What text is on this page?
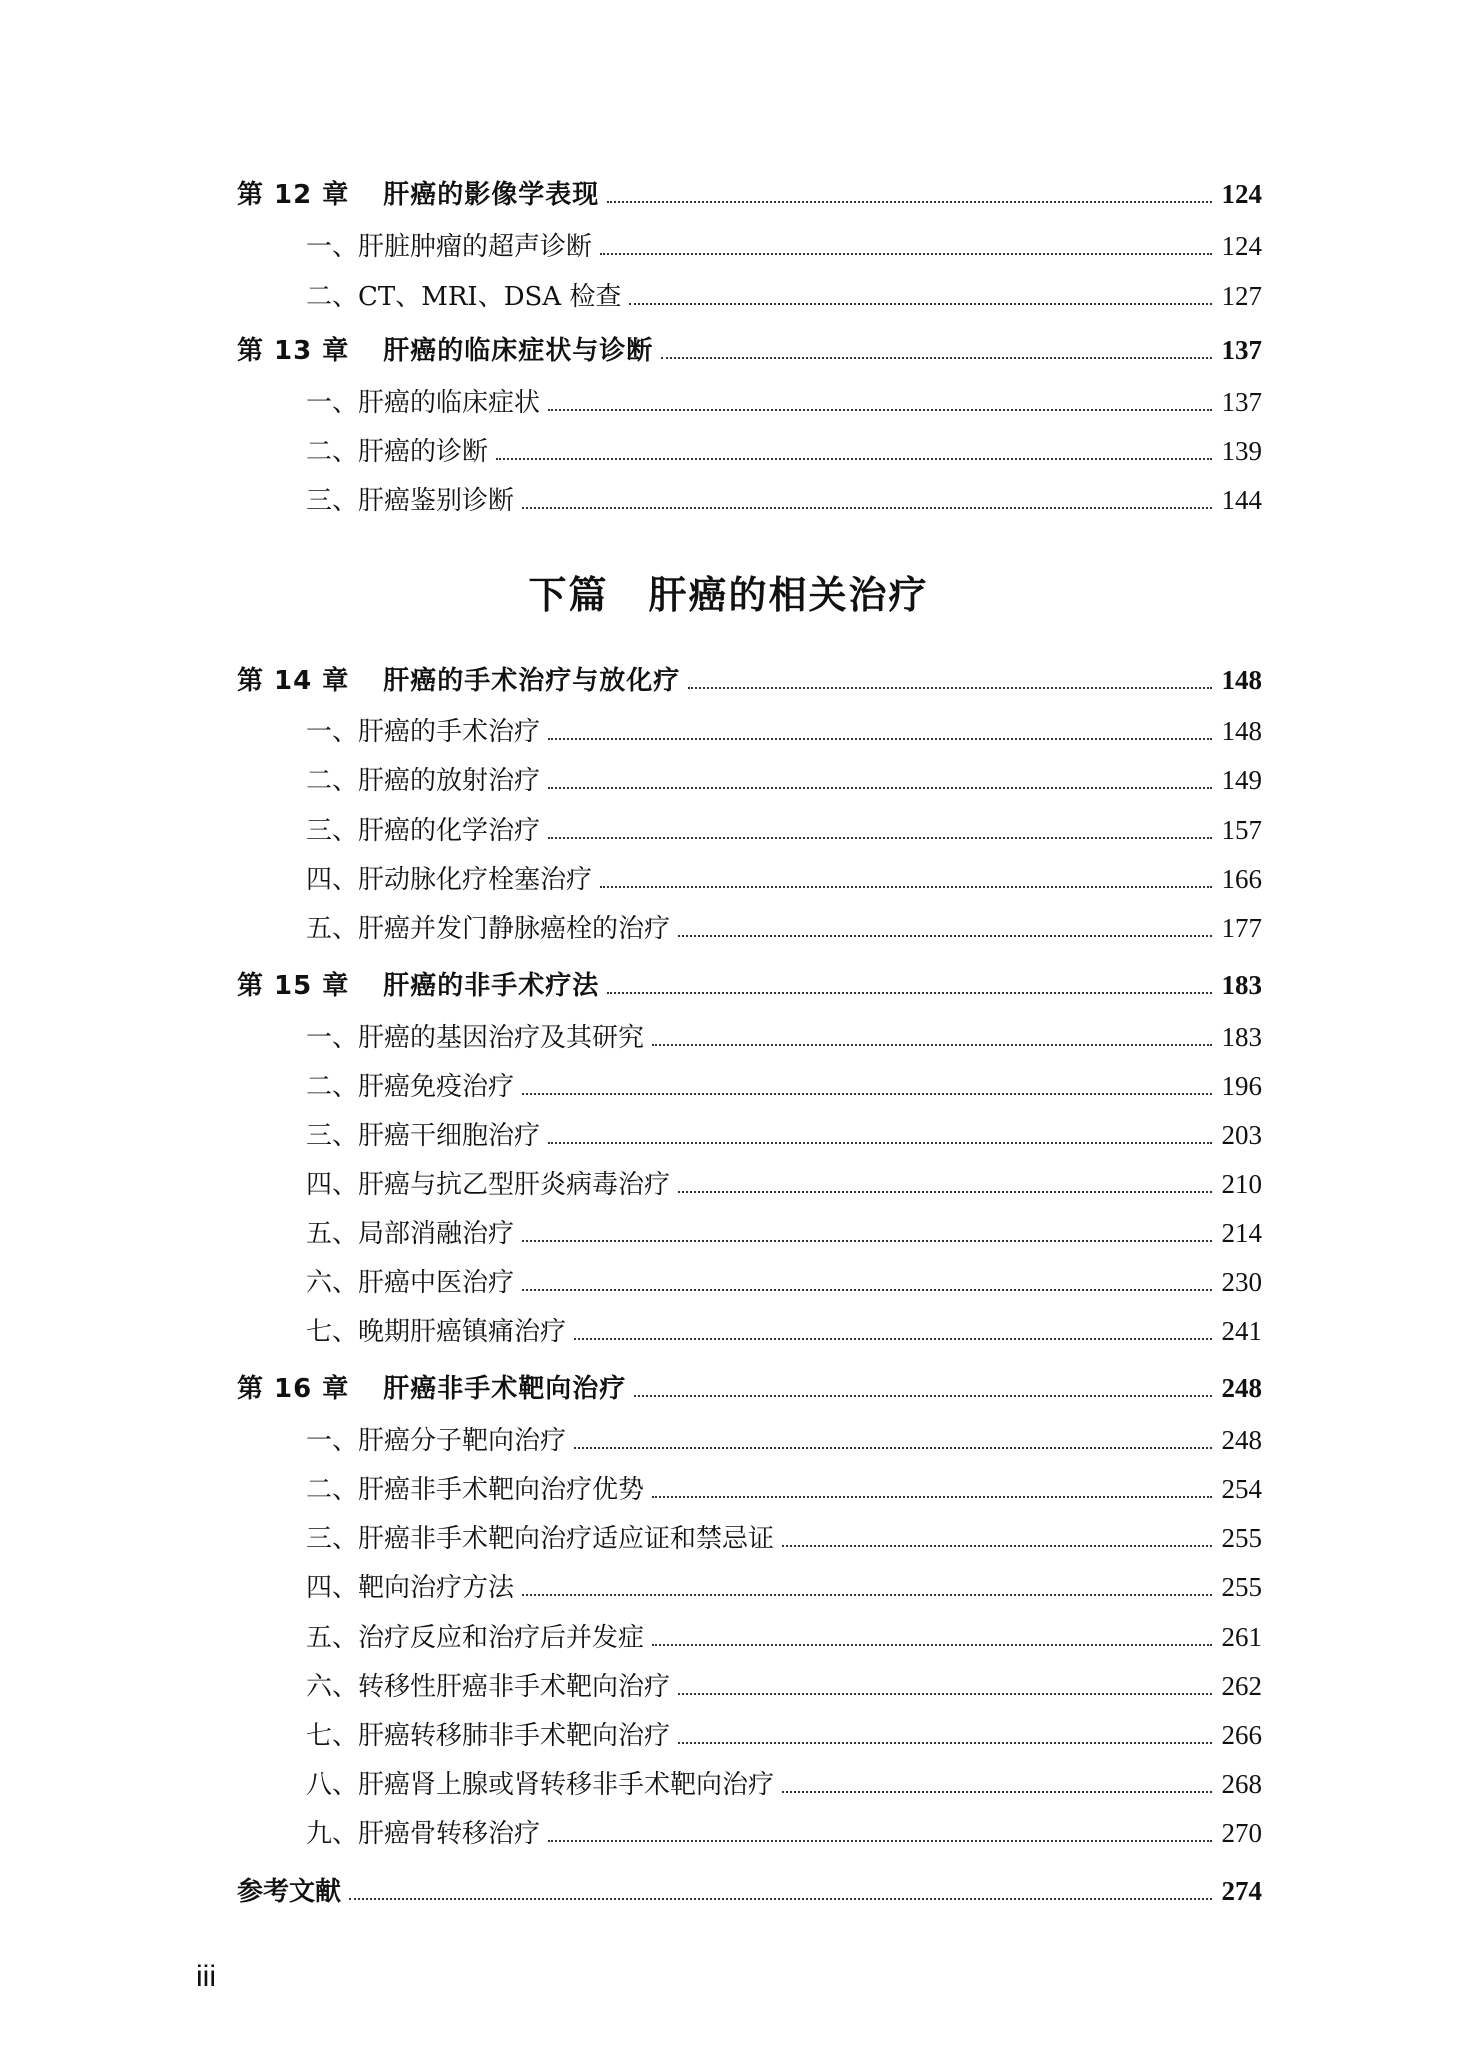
第 12 章 肝癌的影像学表现	124
一、肝脏肿瘤的超声诊断	124
二、CT、MRI、DSA 检查	127
第 13 章 肝癌的临床症状与诊断	137
一、肝癌的临床症状	137
二、肝癌的诊断	139
三、肝癌鉴别诊断	144
第 14 章 肝癌的手术治疗与放化疗	148
一、肝癌的手术治疗	148
二、肝癌的放射治疗	149
三、肝癌的化学治疗	157
四、肝动脉化疗栓塞治疗	166
五、肝癌并发门静脉癌栓的治疗	177
第 15 章 肝癌的非手术疗法	183
一、肝癌的基因治疗及其研究	183
二、肝癌免疫治疗	196
三、肝癌干细胞治疗	203
四、肝癌与抗乙型肝炎病毒治疗	210
五、局部消融治疗	214
六、肝癌中医治疗	230
七、晚期肝癌镇痛治疗	241
第 16 章 肝癌非手术靶向治疗	248
一、肝癌分子靶向治疗	248
二、肝癌非手术靶向治疗优势	254
三、肝癌非手术靶向治疗适应证和禁忌证	255
四、靶向治疗方法	255
五、治疗反应和治疗后并发症	261
六、转移性肝癌非手术靶向治疗	262
七、肝癌转移肺非手术靶向治疗	266
八、肝癌肾上腺或肾转移非手术靶向治疗	268
九、肝癌骨转移治疗	270
参考文献	274
下篇 肝癌的相关治疗
iii
